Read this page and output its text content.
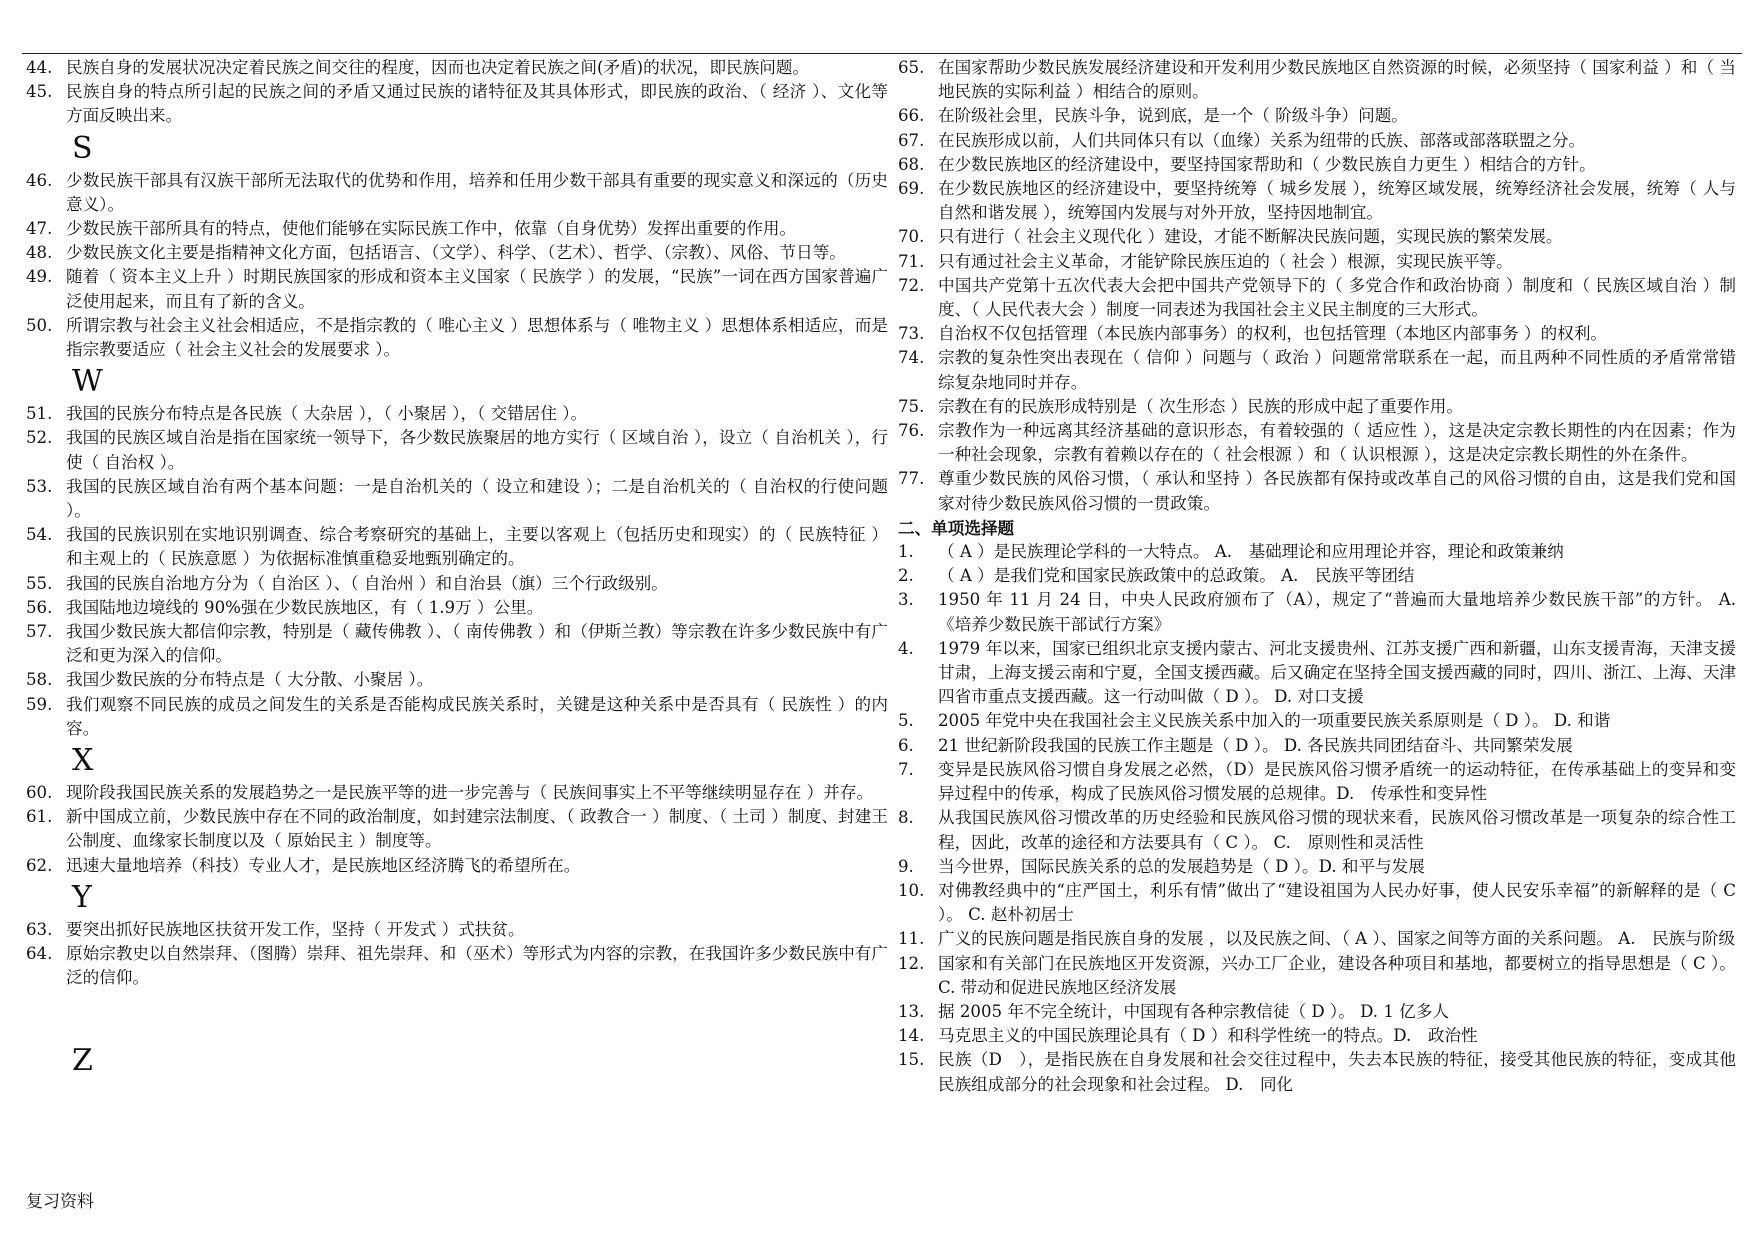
44. 民族自身的发展状况决定着民族之间交往的程度，因而也决定着民族之间(矛盾)的状况，即民族问题。
45. 民族自身的特点所引起的民族之间的矛盾又通过民族的诸特征及其具体形式，即民族的政治、（ 经济 ）、文化等方面反映出来。
S
46. 少数民族干部具有汉族干部所无法取代的优势和作用，培养和任用少数干部具有重要的现实意义和深远的（历史意义）。
47. 少数民族干部所具有的特点，使他们能够在实际民族工作中，依靠（自身优势）发挥出重要的作用。
48. 少数民族文化主要是指精神文化方面，包括语言、（文学）、科学、（艺术）、哲学、（宗教）、风俗、节日等。
49. 随着（ 资本主义上升 ）时期民族国家的形成和资本主义国家（ 民族学 ）的发展，“民族”一词在西方国家普遍广泛使用起来，而且有了新的含义。
50. 所谓宗教与社会主义社会相适应，不是指宗教的（ 唯心主义 ）思想体系与（ 唯物主义 ）思想体系相适应，而是指宗教要适应（ 社会主义社会的发展要求 ）。
W
51. 我国的民族分布特点是各民族（ 大杂居 ），（ 小聚居 ），（ 交错居住 ）。
52. 我国的民族区域自治是指在国家统一领导下，各少数民族聚居的地方实行（ 区域自治 ），设立（ 自治机关 ），行使（ 自治权 ）。
53. 我国的民族区域自治有两个基本问题：一是自治机关的（ 设立和建设 ）；二是自治机关的（ 自治权的行使问题 ）。
54. 我国的民族识别在实地识别调查、综合考察研究的基础上，主要以客观上（包括历史和现实）的（ 民族特征 ）和主观上的（ 民族意愿 ）为依据标准慎重稳妥地甄别确定的。
55. 我国的民族自治地方分为（ 自治区 ）、（ 自治州 ）和自治县（旗）三个行政级别。
56. 我国陆地边境线的 90%强在少数民族地区，有（ 1.9万 ）公里。
57. 我国少数民族大都信仰宗教，特别是（ 藏传佛教 ）、（ 南传佛教 ）和（伊斯兰教）等宗教在许多少数民族中有广泛和更为深入的信仰。
58. 我国少数民族的分布特点是（ 大分散、小聚居 ）。
59. 我们观察不同民族的成员之间发生的关系是否能构成民族关系时，关键是这种关系中是否具有（ 民族性 ）的内容。
X
60. 现阶段我国民族关系的发展趋势之一是民族平等的进一步完善与（ 民族间事实上不平等继续明显存在 ）并存。
61. 新中国成立前，少数民族中存在不同的政治制度，如封建宗法制度、（ 政教合一 ）制度、（ 土司 ）制度、封建王公制度、血缘家长制度以及（ 原始民主 ）制度等。
62. 迅速大量地培养（科技）专业人才，是民族地区经济腾飞的希望所在。
Y
63. 要突出抓好民族地区扶贫开发工作，坚持（ 开发式 ）式扶贫。
64. 原始宗教史以自然崇拜、（图腾）崇拜、祖先崇拜、和（巫术）等形式为内容的宗教，在我国许多少数民族中有广泛的信仰。
Z
65. 在国家帮助少数民族发展经济建设和开发利用少数民族地区自然资源的时候，必须坚持（ 国家利益 ）和（ 当地民族的实际利益 ）相结合的原则。
66. 在阶级社会里，民族斗争，说到底，是一个（ 阶级斗争）问题。
67. 在民族形成以前，人们共同体只有以（血缘）关系为纽带的氏族、部落或部落联盟之分。
68. 在少数民族地区的经济建设中，要坚持国家帮助和（ 少数民族自力更生 ）相结合的方针。
69. 在少数民族地区的经济建设中，要坚持统筹（ 城乡发展 ），统筹区域发展，统筹经济社会发展，统筹（ 人与自然和谐发展 ），统筹国内发展与对外开放，坚持因地制宜。
70. 只有进行（ 社会主义现代化 ）建设，才能不断解决民族问题，实现民族的繁荣发展。
71. 只有通过社会主义革命，才能铲除民族压迫的（ 社会 ）根源，实现民族平等。
72. 中国共产党第十五次代表大会把中国共产党领导下的（ 多党合作和政治协商 ）制度和（ 民族区域自治 ）制度、（ 人民代表大会 ）制度一同表述为我国社会主义民主制度的三大形式。
73. 自治权不仅包括管理（本民族内部事务）的权利，也包括管理（本地区内部事务 ）的权利。
74. 宗教的复杂性突出表现在（ 信仰 ）问题与（ 政治 ）问题常常联系在一起，而且两种不同性质的矛盾常常错综复杂地同时并存。
75. 宗教在有的民族形成特别是（ 次生形态 ）民族的形成中起了重要作用。
76. 宗教作为一种远离其经济基础的意识形态，有着较强的（ 适应性 ），这是决定宗教长期性的内在因素；作为一种社会现象，宗教有着赖以存在的（ 社会根源 ）和（ 认识根源 ），这是决定宗教长期性的外在条件。
77. 尊重少数民族的风俗习惯，（ 承认和坚持 ）各民族都有保持或改革自己的风俗习惯的自由，这是我们党和国家对待少数民族风俗习惯的一贯政策。
二、单项选择题
1.	（ A ）是民族理论学科的一大特点。 A.　基础理论和应用理论并容，理论和政策兼纳
2.	（ A ）是我们党和国家民族政策中的总政策。 A.　民族平等团结
3.	1950 年 11 月 24 日，中央人民政府颁布了（A），规定了“普遍而大量地培养少数民族干部”的方针。 A. 《培养少数民族干部试行方案》
4.	1979 年以来，国家已组织北京支援内蒙古、河北支援贵州、江苏支援广西和新疆，山东支援青海，天津支援甘肃，上海支援云南和宁夏，全国支援西藏。后又确定在坚持全国支援西藏的同时，四川、浙江、上海、天津四省市重点支援西藏。这一行动叫做（ D ）。 D. 对口支援
5.	2005 年党中央在我国社会主义民族关系中加入的一项重要民族关系原则是（ D ）。 D. 和谐
6.	21 世纪新阶段我国的民族工作主题是（ D ）。 D. 各民族共同团结奋斗、共同繁荣发展
7.	变异是民族风俗习惯自身发展之必然，（D）是民族风俗习惯矛盾统一的运动特征，在传承基础上的变异和变异过程中的传承，构成了民族风俗习惯发展的总规律。D.　传承性和变异性
8.	从我国民族风俗习惯改革的历史经验和民族风俗习惯的现状来看，民族风俗习惯改革是一项复杂的综合性工程，因此，改革的途径和方法要具有（ C ）。 C.　原则性和灵活性
9.	当今世界，国际民族关系的总的发展趋势是（ D ）。D. 和平与发展
10. 对佛教经典中的“庄严国土，利乐有情”做出了“建设祖国为人民办好事，使人民安乐幸福”的新解释的是（ C ）。 C. 赵朴初居士
11. 广义的民族问题是指民族自身的发展 ，以及民族之间、（ A ）、国家之间等方面的关系问题。 A.　民族与阶级
12. 国家和有关部门在民族地区开发资源，兴办工厂企业，建设各种项目和基地，都要树立的指导思想是（ C ）。 C. 带动和促进民族地区经济发展
13. 据 2005 年不完全统计，中国现有各种宗教信徒（ D ）。 D. 1 亿多人
14. 马克思主义的中国民族理论具有（ D ）和科学性统一的特点。D.　政治性
15. 民族（D　），是指民族在自身发展和社会交往过程中，失去本民族的特征，接受其他民族的特征，变成其他民族组成部分的社会现象和社会过程。 D.　同化
复习资料
